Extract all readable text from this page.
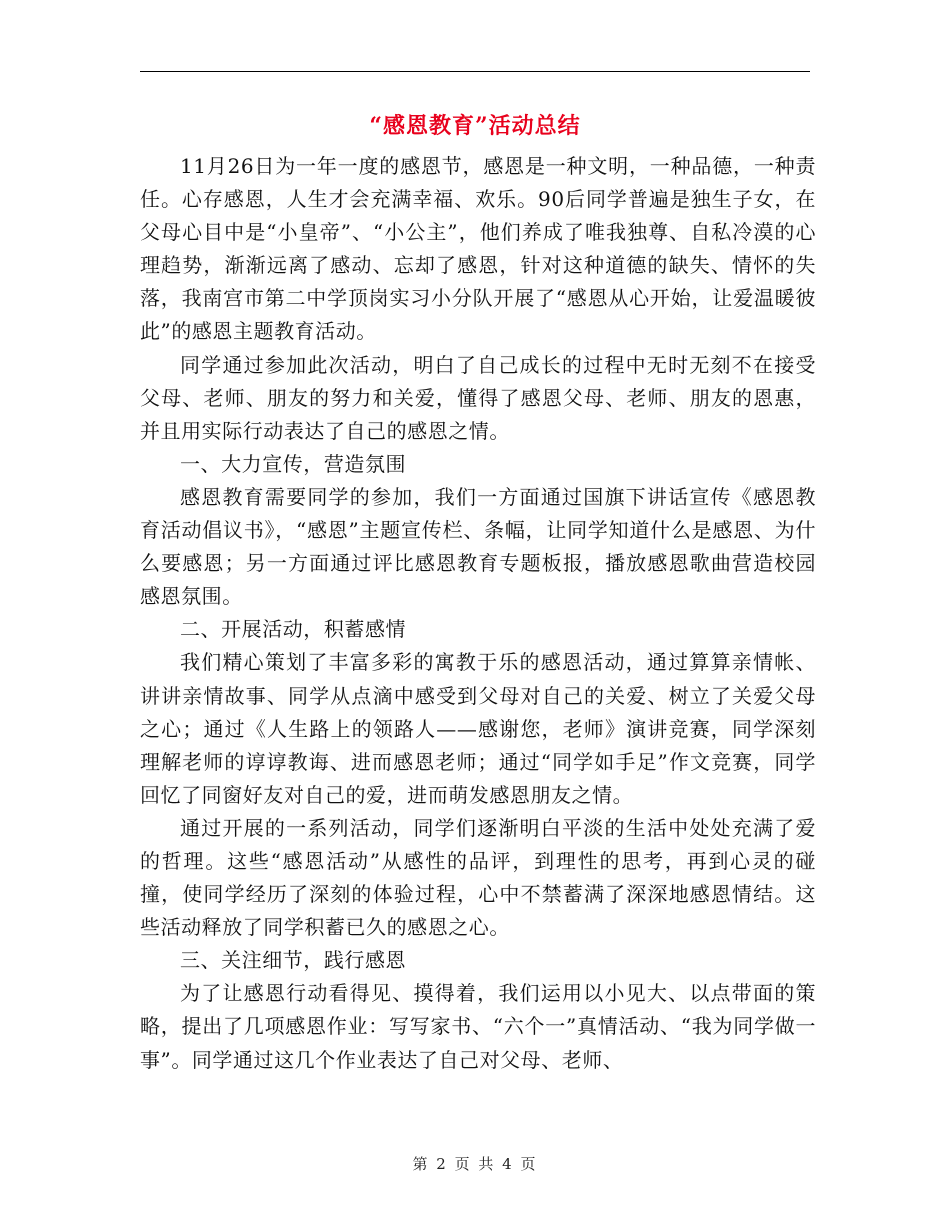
“感恩教育”活动总结

11月26日为一年一度的感恩节，感恩是一种文明，一种品德，一种责任。心存感恩，人生才会充满幸福、欢乐。90后同学普遍是独生子女，在父母心目中是“小皇帝”、“小公主”，他们养成了唯我独尊、自私冷漠的心理趋势，渐渐远离了感动、忘却了感恩，针对这种道德的缺失、情怀的失落，我南宫市第二中学顶岗实习小分队开展了“感恩从心开始，让爱温暖彼此”的感恩主题教育活动。

同学通过参加此次活动，明白了自己成长的过程中无时无刻不在接受父母、老师、朋友的努力和关爱，懂得了感恩父母、老师、朋友的恩惠，并且用实际行动表达了自己的感恩之情。

一、大力宣传，营造氛围

感恩教育需要同学的参加，我们一方面通过国旗下讲话宣传《感恩教育活动倡议书》，“感恩”主题宣传栏、条幅，让同学知道什么是感恩、为什么要感恩；另一方面通过评比感恩教育专题板报，播放感恩歌曲营造校园感恩氛围。

二、开展活动，积蓄感情

我们精心策划了丰富多彩的寓教于乐的感恩活动，通过算算亲情帐、讲讲亲情故事、同学从点滴中感受到父母对自己的关爱、树立了关爱父母之心；通过《人生路上的领路人——感谢您，老师》演讲竞赛，同学深刻理解老师的谆谆教诲、进而感恩老师；通过“同学如手足”作文竞赛，同学回忆了同窗好友对自己的爱，进而萌发感恩朋友之情。

通过开展的一系列活动，同学们逐渐明白平淡的生活中处处充满了爱的哲理。这些“感恩活动”从感性的品评，到理性的思考，再到心灵的碰撞，使同学经历了深刻的体验过程，心中不禁蓄满了深深地感恩情结。这些活动释放了同学积蓄已久的感恩之心。

三、关注细节，践行感恩

为了让感恩行动看得见、摸得着，我们运用以小见大、以点带面的策略，提出了几项感恩作业：写写家书、“六个一”真情活动、“我为同学做一事”。同学通过这几个作业表达了自己对父母、老师、

第 2 页 共 4 页
